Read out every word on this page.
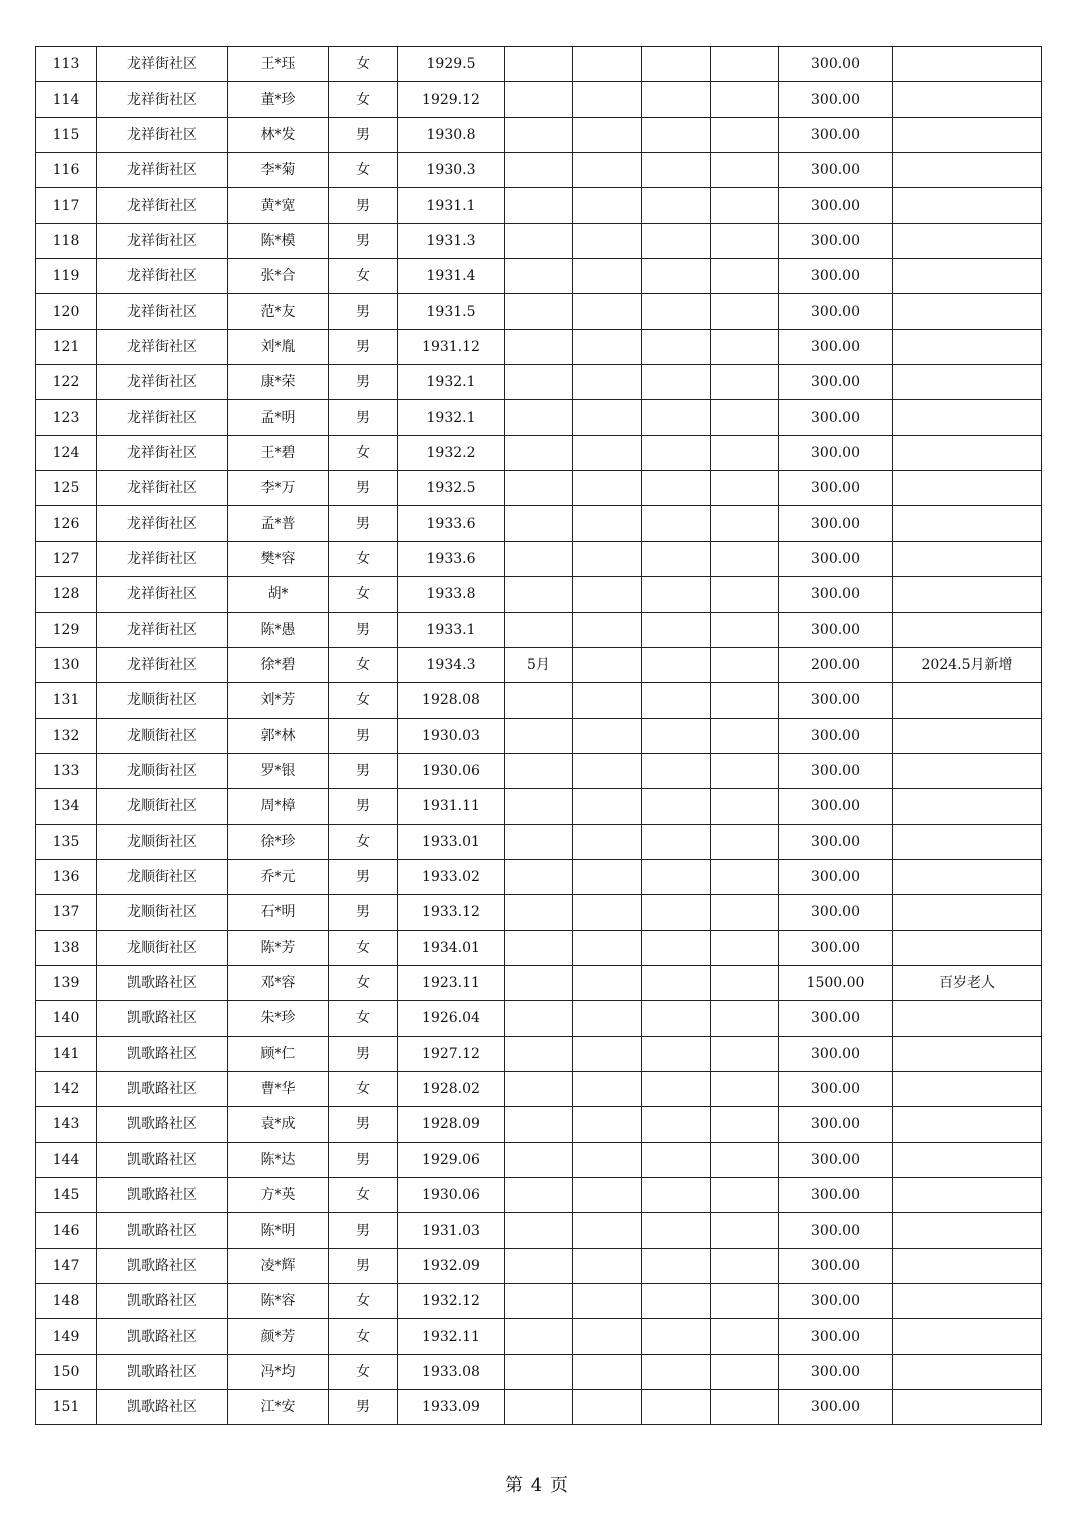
113	龙祥街社区	王*珏	女	1929.5					300.00	
114	龙祥街社区	董*珍	女	1929.12					300.00	
115	龙祥街社区	林*发	男	1930.8					300.00	
116	龙祥街社区	李*菊	女	1930.3					300.00	
117	龙祥街社区	黄*宽	男	1931.1					300.00	
118	龙祥街社区	陈*模	男	1931.3					300.00	
119	龙祥街社区	张*合	女	1931.4					300.00	
120	龙祥街社区	范*友	男	1931.5					300.00	
121	龙祥街社区	刘*胤	男	1931.12					300.00	
122	龙祥街社区	康*荣	男	1932.1					300.00	
123	龙祥街社区	孟*明	男	1932.1					300.00	
124	龙祥街社区	王*碧	女	1932.2					300.00	
125	龙祥街社区	李*万	男	1932.5					300.00	
126	龙祥街社区	孟*普	男	1933.6					300.00	
127	龙祥街社区	樊*容	女	1933.6					300.00	
128	龙祥街社区	胡*	女	1933.8					300.00	
129	龙祥街社区	陈*愚	男	1933.1					300.00	
130	龙祥街社区	徐*碧	女	1934.3	5月				200.00	2024.5月新增
131	龙顺街社区	刘*芳	女	1928.08					300.00	
132	龙顺街社区	郭*林	男	1930.03					300.00	
133	龙顺街社区	罗*银	男	1930.06					300.00	
134	龙顺街社区	周*樟	男	1931.11					300.00	
135	龙顺街社区	徐*珍	女	1933.01					300.00	
136	龙顺街社区	乔*元	男	1933.02					300.00	
137	龙顺街社区	石*明	男	1933.12					300.00	
138	龙顺街社区	陈*芳	女	1934.01					300.00	
139	凯歌路社区	邓*容	女	1923.11					1500.00	百岁老人
140	凯歌路社区	朱*珍	女	1926.04					300.00	
141	凯歌路社区	顾*仁	男	1927.12					300.00	
142	凯歌路社区	曹*华	女	1928.02					300.00	
143	凯歌路社区	袁*成	男	1928.09					300.00	
144	凯歌路社区	陈*达	男	1929.06					300.00	
145	凯歌路社区	方*英	女	1930.06					300.00	
146	凯歌路社区	陈*明	男	1931.03					300.00	
147	凯歌路社区	凌*辉	男	1932.09					300.00	
148	凯歌路社区	陈*容	女	1932.12					300.00	
149	凯歌路社区	颜*芳	女	1932.11					300.00	
150	凯歌路社区	冯*均	女	1933.08					300.00	
151	凯歌路社区	江*安	男	1933.09					300.00	
第 4 页
